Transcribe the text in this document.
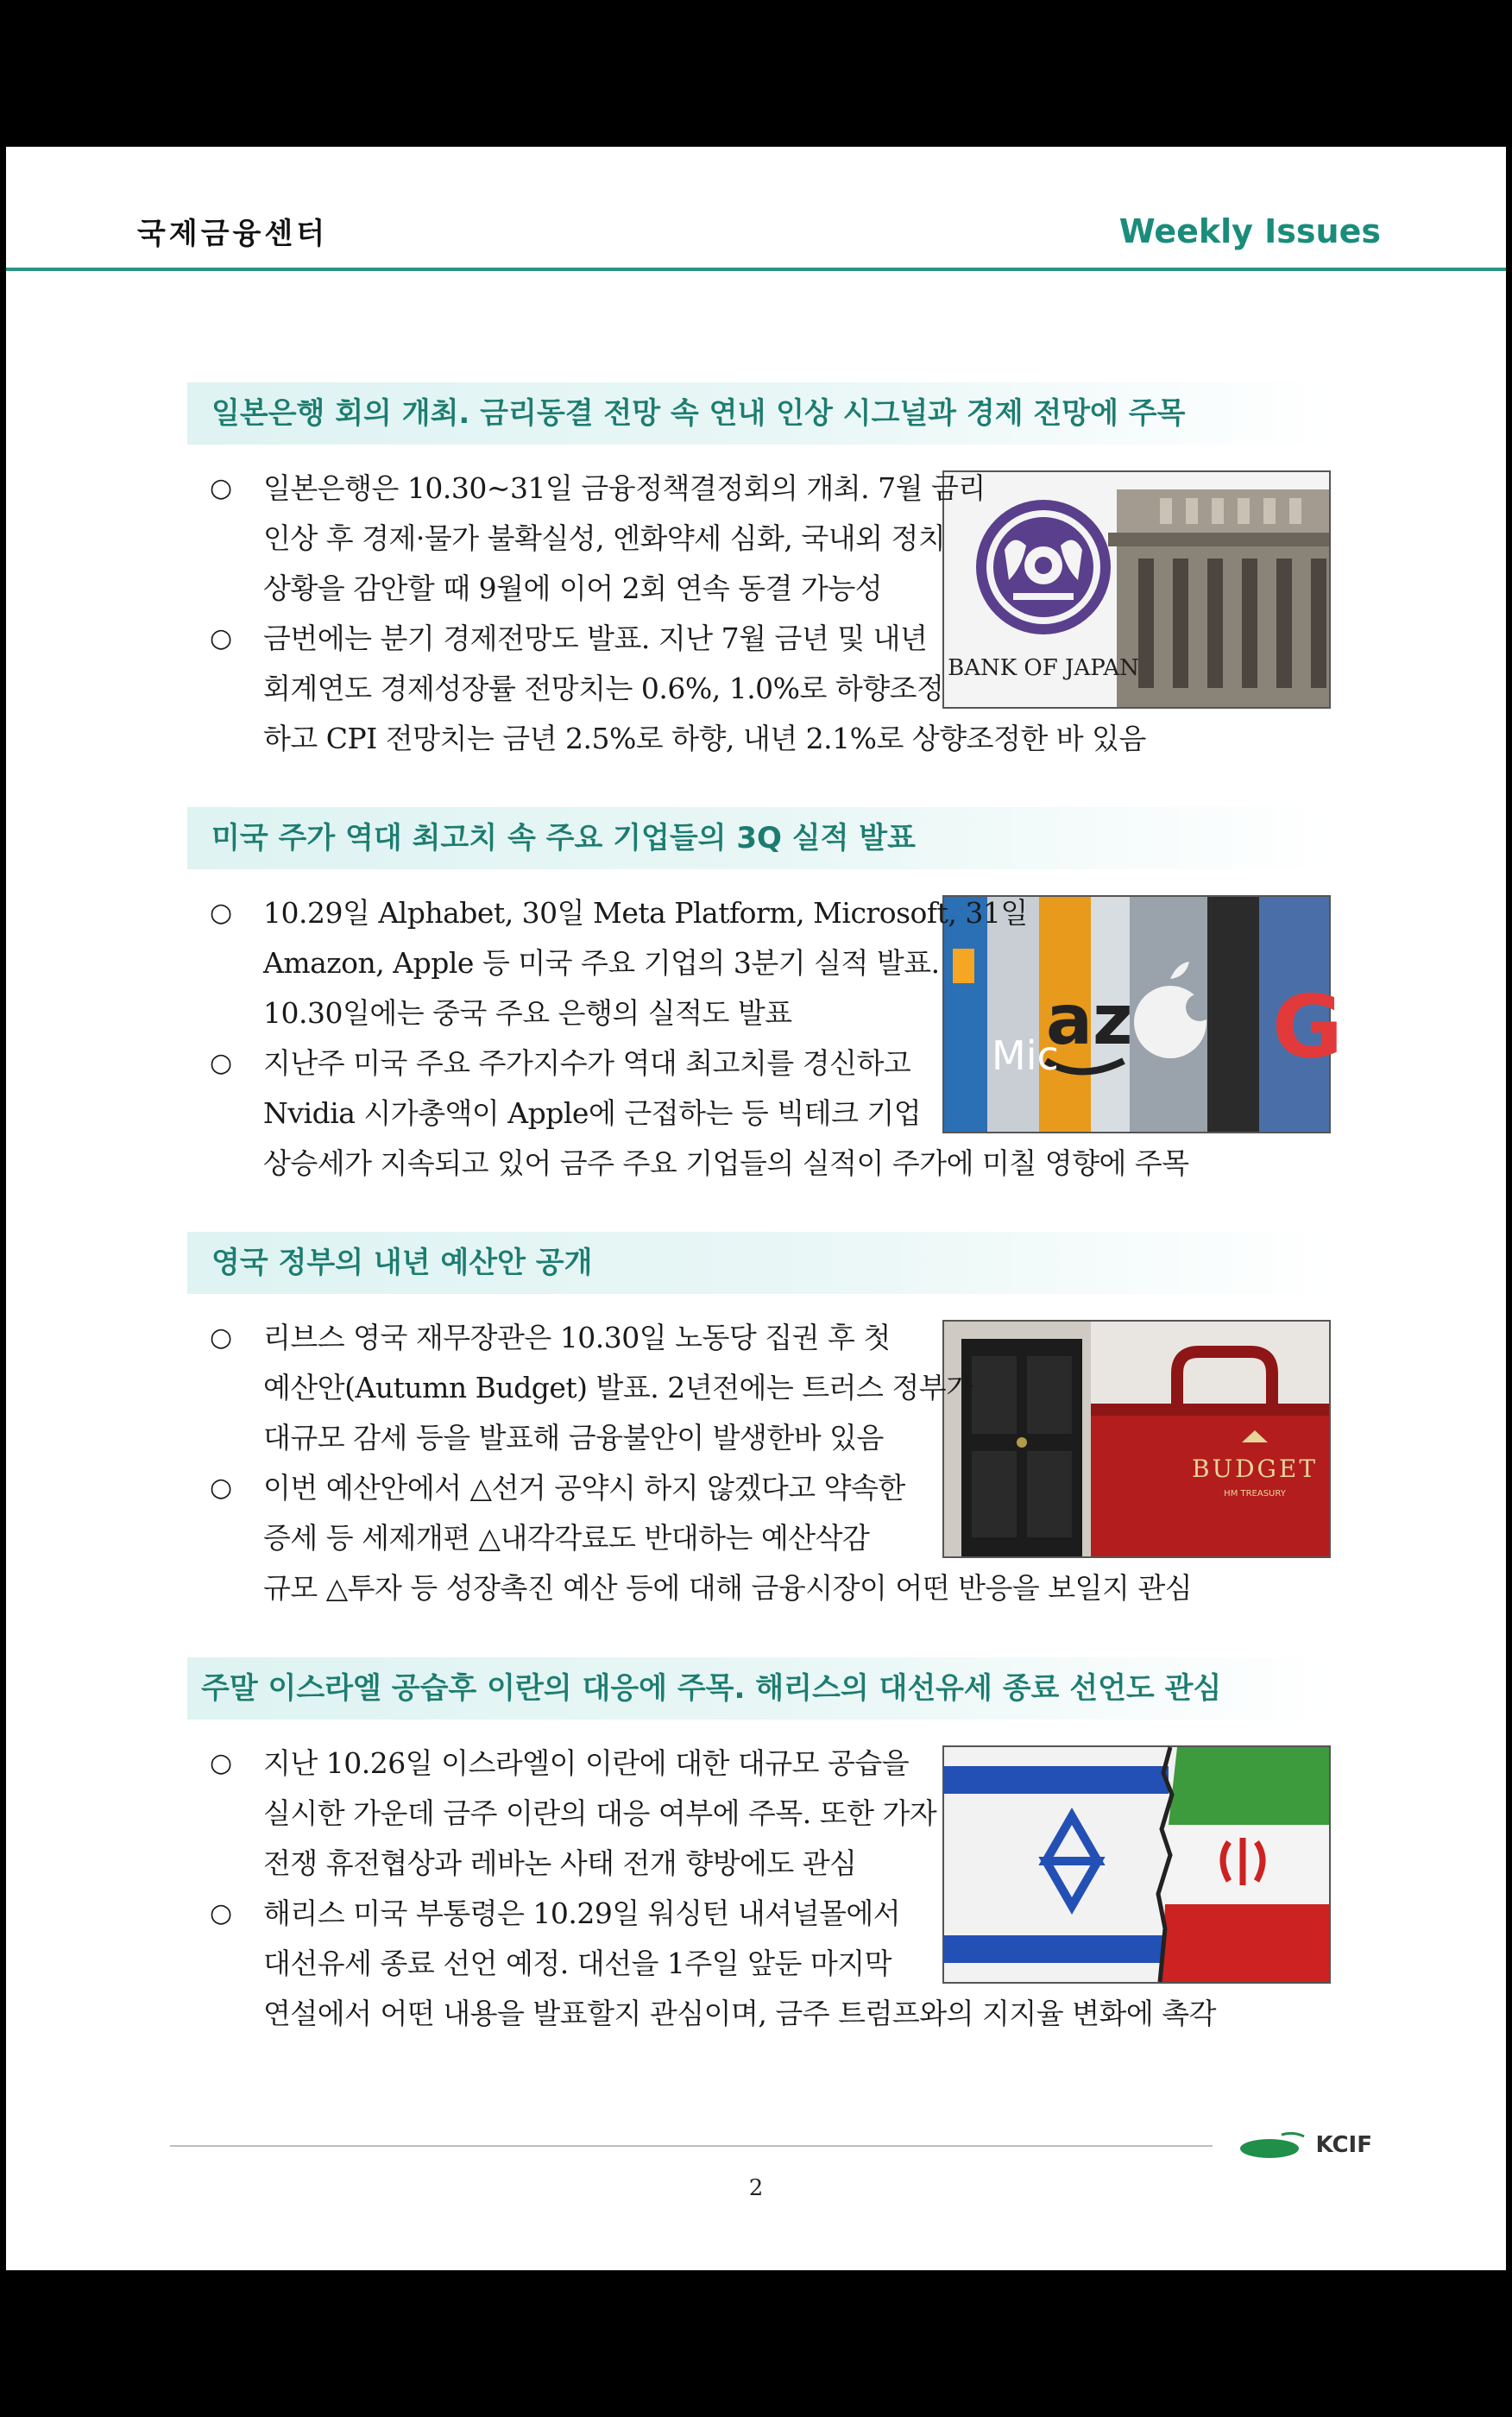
국제금융센터	Weekly Issues
일본은행 회의 개최. 금리동결 전망 속 연내 인상 시그널과 경제 전망에 주목
BANK OF JAPAN
○ 일본은행은 10.30~31일 금융정책결정회의 개최. 7월 금리
인상 후 경제·물가 불확실성, 엔화약세 심화, 국내외 정치
상황을 감안할 때 9월에 이어 2회 연속 동결 가능성
○ 금번에는 분기 경제전망도 발표. 지난 7월 금년 및 내년
회계연도 경제성장률 전망치는 0.6%, 1.0%로 하향조정
하고 CPI 전망치는 금년 2.5%로 하향, 내년 2.1%로 상향조정한 바 있음
미국 주가 역대 최고치 속 주요 기업들의 3Q 실적 발표
G
az
Mic
○ 10.29일 Alphabet, 30일 Meta Platform, Microsoft, 31일
Amazon, Apple 등 미국 주요 기업의 3분기 실적 발표.
10.30일에는 중국 주요 은행의 실적도 발표
○ 지난주 미국 주요 주가지수가 역대 최고치를 경신하고
Nvidia 시가총액이 Apple에 근접하는 등 빅테크 기업
상승세가 지속되고 있어 금주 주요 기업들의 실적이 주가에 미칠 영향에 주목
영국 정부의 내년 예산안 공개
BUDGET
HM TREASURY
○ 리브스 영국 재무장관은 10.30일 노동당 집권 후 첫
예산안(Autumn Budget) 발표. 2년전에는 트러스 정부가
대규모 감세 등을 발표해 금융불안이 발생한바 있음
○ 이번 예산안에서 △선거 공약시 하지 않겠다고 약속한
증세 등 세제개편 △내각각료도 반대하는 예산삭감
규모 △투자 등 성장촉진 예산 등에 대해 금융시장이 어떤 반응을 보일지 관심
주말 이스라엘 공습후 이란의 대응에 주목. 해리스의 대선유세 종료 선언도 관심
○ 지난 10.26일 이스라엘이 이란에 대한 대규모 공습을
실시한 가운데 금주 이란의 대응 여부에 주목. 또한 가자
전쟁 휴전협상과 레바논 사태 전개 향방에도 관심
○ 해리스 미국 부통령은 10.29일 워싱턴 내셔널몰에서
대선유세 종료 선언 예정. 대선을 1주일 앞둔 마지막
연설에서 어떤 내용을 발표할지 관심이며, 금주 트럼프와의 지지율 변화에 촉각
KCIF
2
